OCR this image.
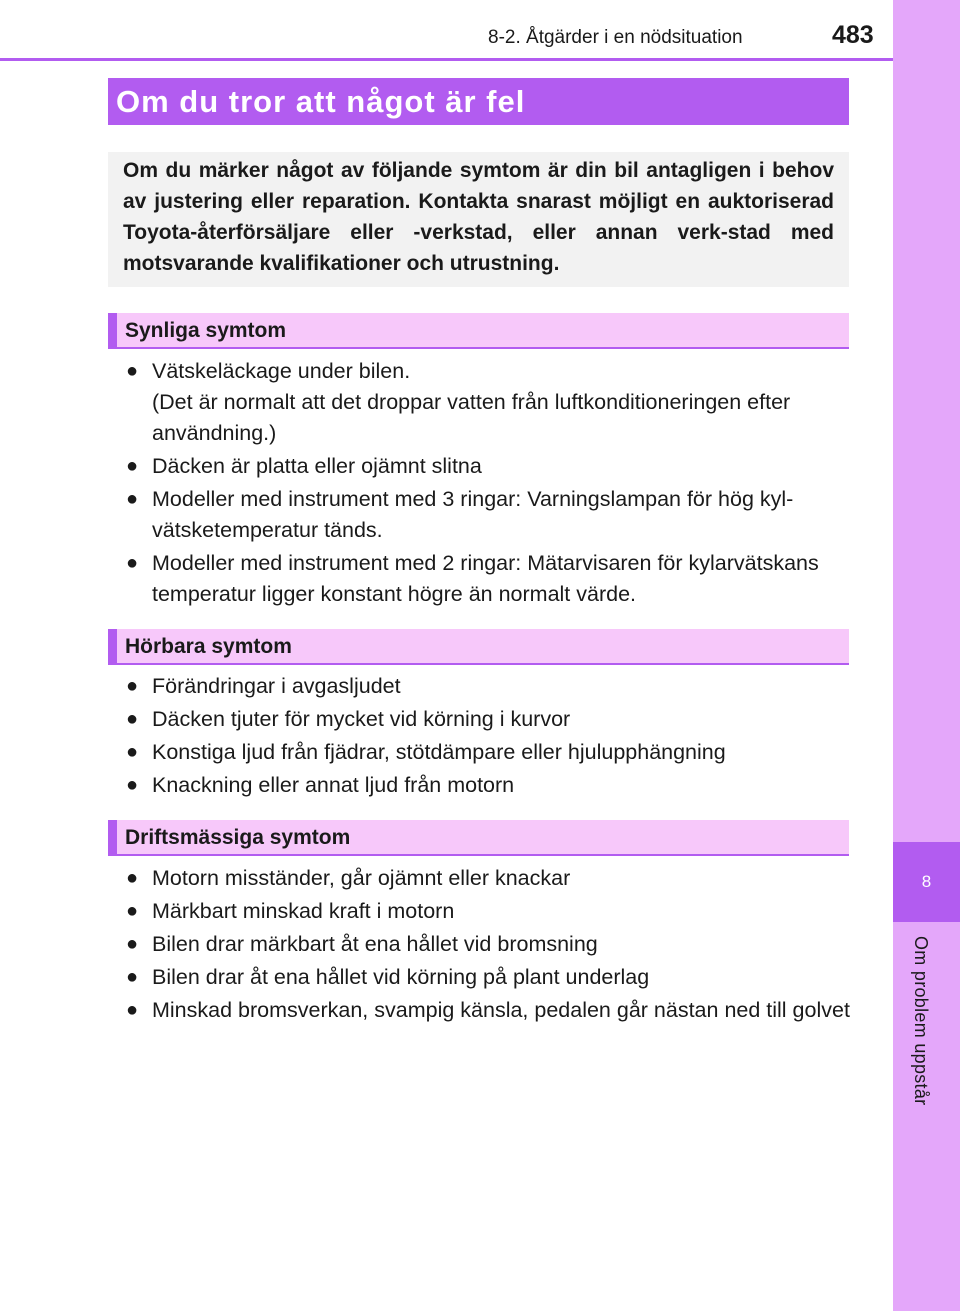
8-2. Åtgärder i en nödsituation	483
8
Om problem uppstår
Om du tror att något är fel

Om du märker något av följande symtom är din bil antagligen i behov av justering eller reparation. Kontakta snarast möjligt en auktoriserad Toyota-återförsäljare eller -verkstad, eller annan verk-stad med motsvarande kvalifikationer och utrustning.

Synliga symtom
● Vätskeläckage under bilen.
(Det är normalt att det droppar vatten från luftkonditioneringen efter användning.)
● Däcken är platta eller ojämnt slitna
● Modeller med instrument med 3 ringar: Varningslampan för hög kyl-vätsketemperatur tänds.
● Modeller med instrument med 2 ringar: Mätarvisaren för kylarvätskans temperatur ligger konstant högre än normalt värde.
Hörbara symtom
● Förändringar i avgasljudet
● Däcken tjuter för mycket vid körning i kurvor
● Konstiga ljud från fjädrar, stötdämpare eller hjulupphängning
● Knackning eller annat ljud från motorn
Driftsmässiga symtom
● Motorn misständer, går ojämnt eller knackar
● Märkbart minskad kraft i motorn
● Bilen drar märkbart åt ena hållet vid bromsning
● Bilen drar åt ena hållet vid körning på plant underlag
● Minskad bromsverkan, svampig känsla, pedalen går nästan ned till golvet
